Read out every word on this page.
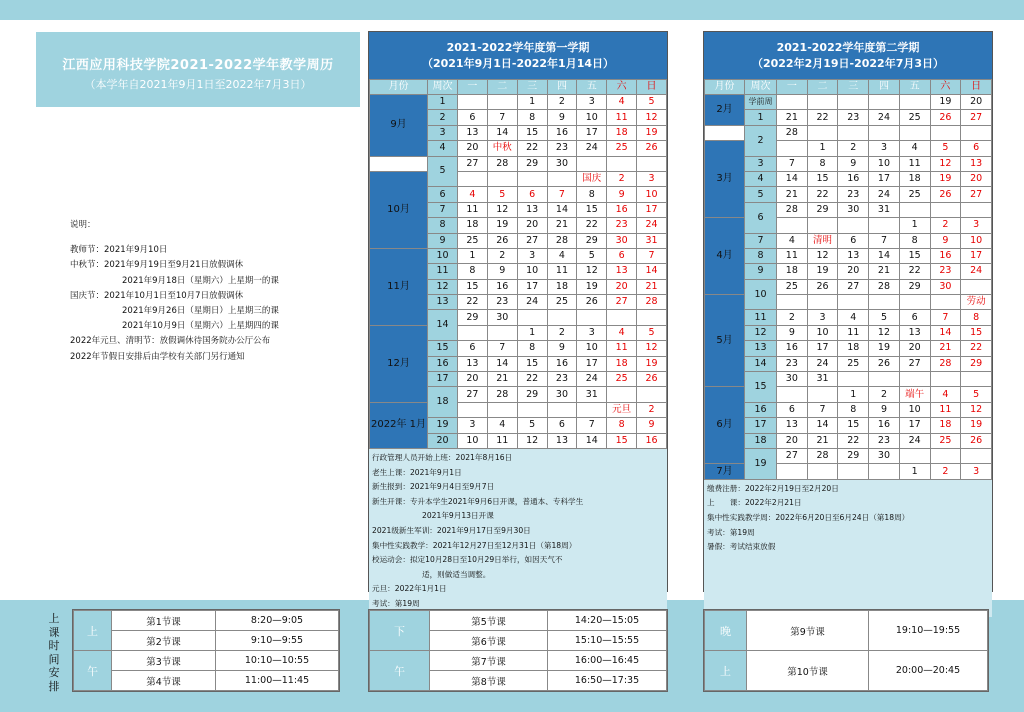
江西应用科技学院2021-2022学年教学周历
（本学年自2021年9月1日至2022年7月3日）
说明：
教师节：2021年9月10日
中秋节：2021年9月19日至9月21日放假调休
2021年9月18日（星期六）上星期一的课
国庆节：2021年10月1日至10月7日放假调休
2021年9月26日（星期日）上星期三的课
2021年10月9日（星期六）上星期四的课
2022年元旦、清明节：放假调休待国务院办公厅公布
2022年节假日安排后由学校有关部门另行通知
2021-2022学年度第一学期
（2021年9月1日-2022年1月14日）
月份	周次	一	二	三	四	五	六	日
9月	1			1	2	3	4	5
	2	6	7	8	9	10	11	12
	3	13	14	15	16	17	18	19
	4	20	中秋	22	23	24	25	26
	5	27	28	29	30			
10月						国庆	2	3
	6	4	5	6	7	8	9	10
	7	11	12	13	14	15	16	17
	8	18	19	20	21	22	23	24
	9	25	26	27	28	29	30	31
11月	10	1	2	3	4	5	6	7
	11	8	9	10	11	12	13	14
	12	15	16	17	18	19	20	21
	13	22	23	24	25	26	27	28
	14	29	30					
12月				1	2	3	4	5
	15	6	7	8	9	10	11	12
	16	13	14	15	16	17	18	19
	17	20	21	22	23	24	25	26
	18	27	28	29	30	31		
2022年 1月							元旦	2
	19	3	4	5	6	7	8	9
	20	10	11	12	13	14	15	16
行政管理人员开始上班：2021年8月16日
老生上课：2021年9月1日
新生报到：2021年9月4日至9月7日
新生开课：专升本学生2021年9月6日开课，普通本、专科学生
2021年9月13日开课
2021级新生军训：2021年9月17日至9月30日
集中性实践教学：2021年12月27日至12月31日（第18周）
校运动会：拟定10月28日至10月29日举行，如因天气不
适，则做适当调整。
元旦：2022年1月1日
考试：第19周
2021-2022学年度第二学期
（2022年2月19日-2022年7月3日）
月份	周次	一	二	三	四	五	六	日
2月	学前周						19	20
	1	21	22	23	24	25	26	27
	2	28						
3月			1	2	3	4	5	6
	3	7	8	9	10	11	12	13
	4	14	15	16	17	18	19	20
	5	21	22	23	24	25	26	27
	6	28	29	30	31			
4月						1	2	3
	7	4	清明	6	7	8	9	10
	8	11	12	13	14	15	16	17
	9	18	19	20	21	22	23	24
	10	25	26	27	28	29	30	
5月								劳动
	11	2	3	4	5	6	7	8
	12	9	10	11	12	13	14	15
	13	16	17	18	19	20	21	22
	14	23	24	25	26	27	28	29
	15	30	31					
6月				1	2	端午	4	5
	16	6	7	8	9	10	11	12
	17	13	14	15	16	17	18	19
	18	20	21	22	23	24	25	26
	19	27	28	29	30			
7月						1	2	3
缴费注册：2022年2月19日至2月20日
上　　课：2022年2月21日
集中性实践教学周：2022年6月20日至6月24日（第18周）
考试：第19周
暑假：考试结束放假
上课时间安排
上	第1节课	8:20—9:05
	第2节课	9:10—9:55
午	第3节课	10:10—10:55
	第4节课	11:00—11:45
下	第5节课	14:20—15:05
	第6节课	15:10—15:55
午	第7节课	16:00—16:45
	第8节课	16:50—17:35
晚	第9节课	19:10—19:55
上	第10节课	20:00—20:45
